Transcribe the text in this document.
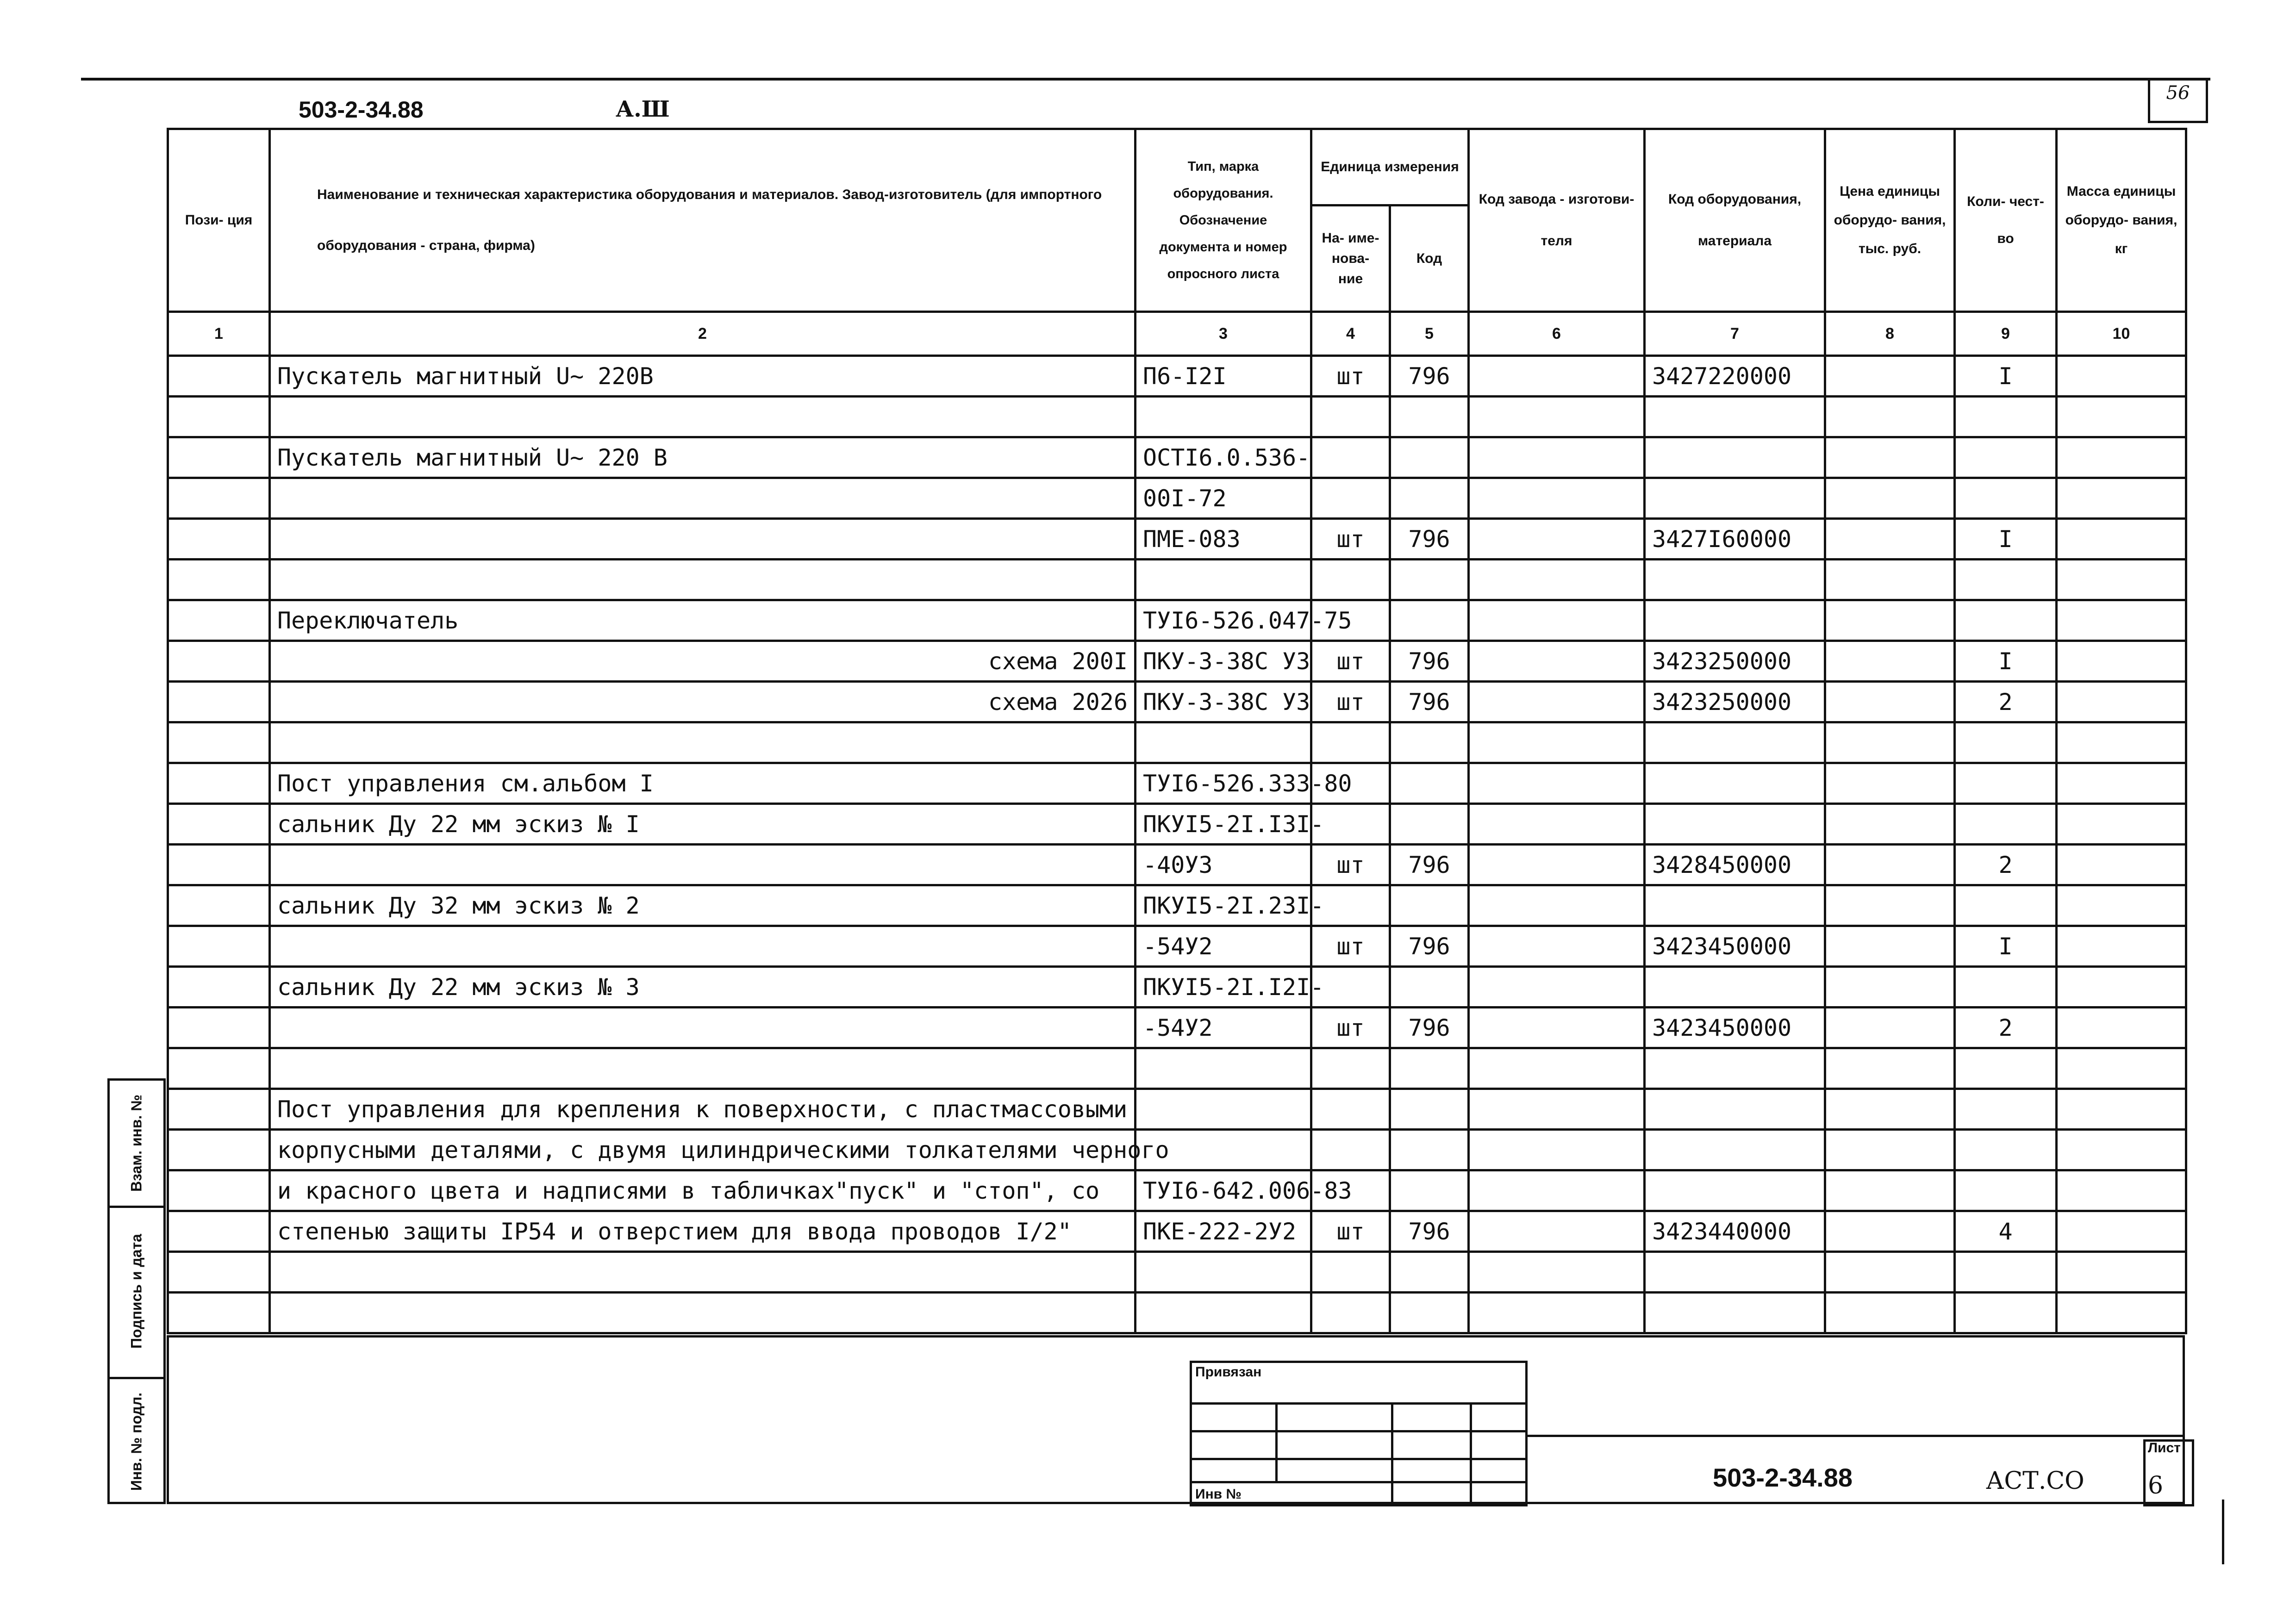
56
503-2-34.88	А.Ш
Пози- ция	Наименование и техническая характеристика оборудования и материалов. Завод-изготовитель (для импортного оборудования - страна, фирма)	Тип, марка оборудования. Обозначение документа и номер опросного листа	Единица измерения		Код завода - изготови- теля	Код оборудования, материала	Цена единицы оборудо- вания, тыс. руб.	Коли- чест- во	Масса единицы оборудо- вания, кг
			На- име- нова- ние	Код					
1	2	3	4	5	6	7	8	9	10
	Пускатель магнитный U~ 220В	П6-I2I	шт	796		3427220000		I	

	Пускатель магнитный U~ 220 В	ОСТI6.0.536-							
		00I-72							
		ПМЕ-083	шт	796		3427I60000		I	

	Переключатель	ТУI6-526.047-75							
	схема 200I	ПКУ-3-38С У3	шт	796		3423250000		I	
	схема 2026	ПКУ-3-38С У3	шт	796		3423250000		2	

	Пост управления см.альбом I	ТУI6-526.333-80							
	сальник Ду 22 мм эскиз № I	ПКУI5-2I.I3I-							
		-40У3	шт	796		3428450000		2	
	сальник Ду 32 мм эскиз № 2	ПКУI5-2I.23I-							
		-54У2	шт	796		3423450000		I	
	сальник Ду 22 мм эскиз № 3	ПКУI5-2I.I2I-							
		-54У2	шт	796		3423450000		2	

	Пост управления для крепления к поверхности, с пластмассовыми								
	корпусными деталями, с двумя цилиндрическими толкателями черного								
	и красного цвета и надписями в табличках"пуск" и "стоп", со	ТУI6-642.006-83							
	степенью защиты IP54 и отверстием для ввода проводов I/2"	ПКЕ-222-2У2	шт	796		3423440000		4	

Взам. инв. №
Подпись и дата
Инв. № подл.
Привязан
Инв №
503-2-34.88	АСТ.СО
Лист
6
